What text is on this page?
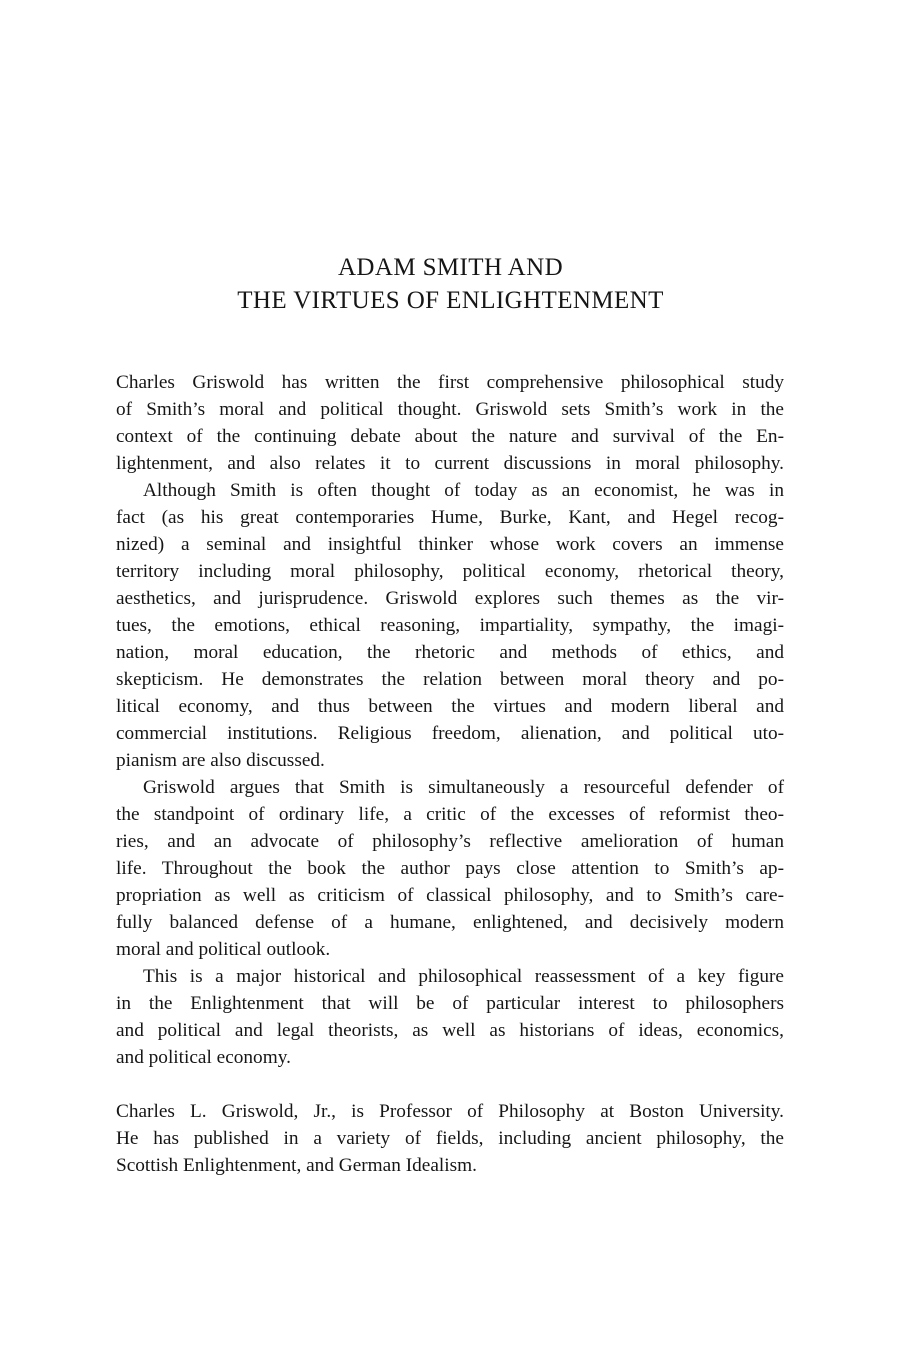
ADAM SMITH AND
THE VIRTUES OF ENLIGHTENMENT
Charles Griswold has written the first comprehensive philosophical study
of Smith’s moral and political thought. Griswold sets Smith’s work in the
context of the continuing debate about the nature and survival of the En-
lightenment, and also relates it to current discussions in moral philosophy.
Although Smith is often thought of today as an economist, he was in
fact (as his great contemporaries Hume, Burke, Kant, and Hegel recog-
nized) a seminal and insightful thinker whose work covers an immense
territory including moral philosophy, political economy, rhetorical theory,
aesthetics, and jurisprudence. Griswold explores such themes as the vir-
tues, the emotions, ethical reasoning, impartiality, sympathy, the imagi-
nation, moral education, the rhetoric and methods of ethics, and
skepticism. He demonstrates the relation between moral theory and po-
litical economy, and thus between the virtues and modern liberal and
commercial institutions. Religious freedom, alienation, and political uto-
pianism are also discussed.
Griswold argues that Smith is simultaneously a resourceful defender of
the standpoint of ordinary life, a critic of the excesses of reformist theo-
ries, and an advocate of philosophy’s reflective amelioration of human
life. Throughout the book the author pays close attention to Smith’s ap-
propriation as well as criticism of classical philosophy, and to Smith’s care-
fully balanced defense of a humane, enlightened, and decisively modern
moral and political outlook.
This is a major historical and philosophical reassessment of a key figure
in the Enlightenment that will be of particular interest to philosophers
and political and legal theorists, as well as historians of ideas, economics,
and political economy.
Charles L. Griswold, Jr., is Professor of Philosophy at Boston University.
He has published in a variety of fields, including ancient philosophy, the
Scottish Enlightenment, and German Idealism.
